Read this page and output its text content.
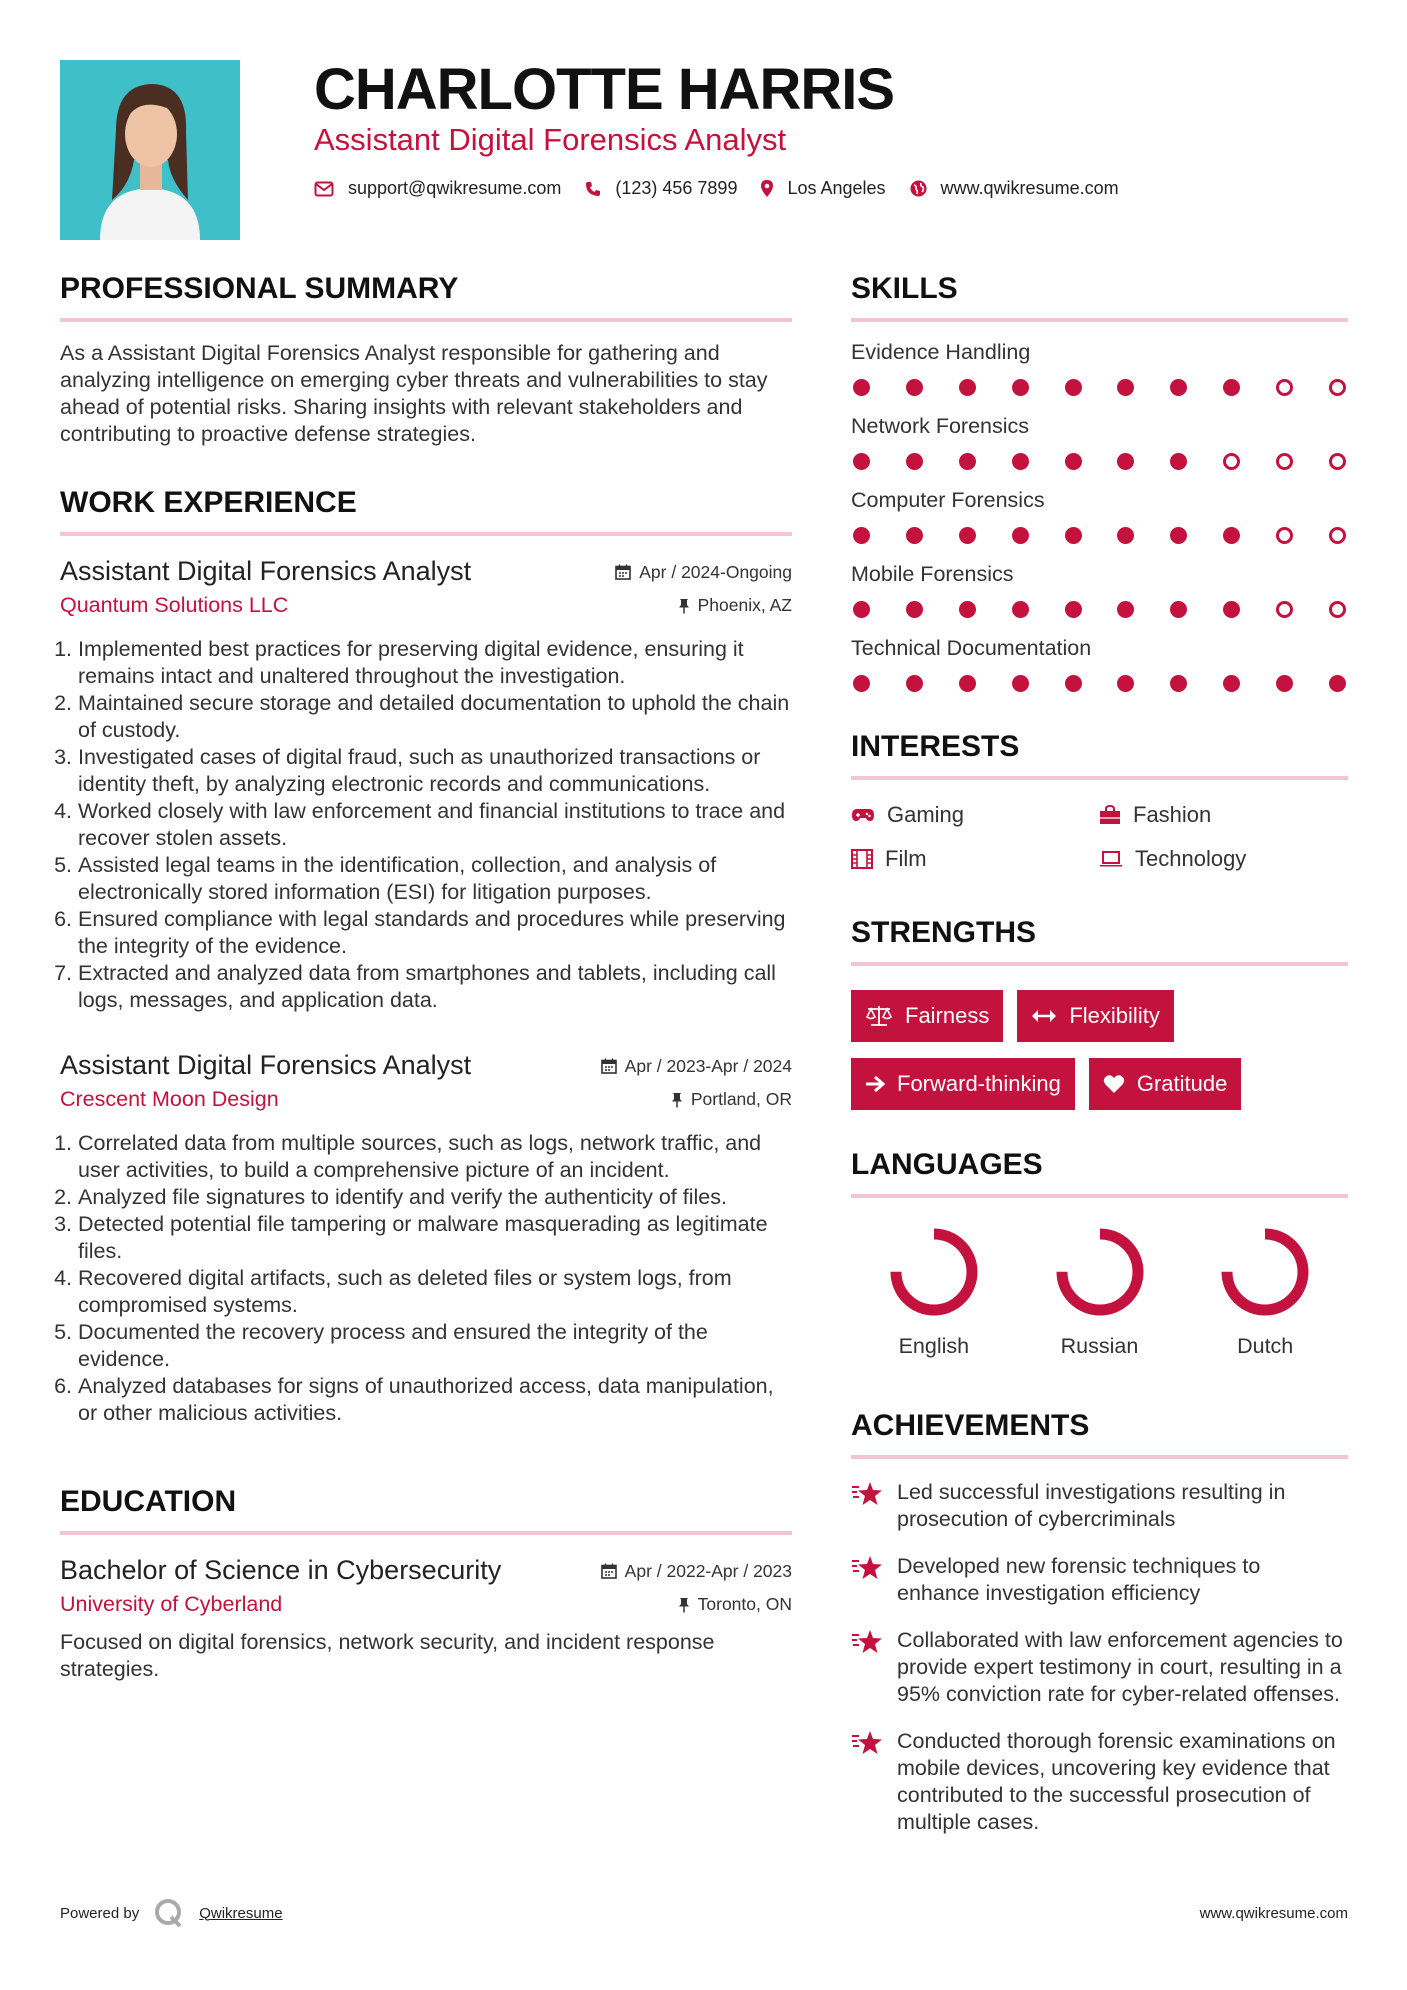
CHARLOTTE HARRIS
Assistant Digital Forensics Analyst
support@qwikresume.com	(123) 456 7899	Los Angeles	www.qwikresume.com
PROFESSIONAL SUMMARY
As a Assistant Digital Forensics Analyst responsible for gathering and analyzing intelligence on emerging cyber threats and vulnerabilities to stay ahead of potential risks. Sharing insights with relevant stakeholders and contributing to proactive defense strategies.
WORK EXPERIENCE
Assistant Digital Forensics Analyst	Apr / 2024-Ongoing
Quantum Solutions LLC	Phoenix, AZ
1. Implemented best practices for preserving digital evidence, ensuring it remains intact and unaltered throughout the investigation.
2. Maintained secure storage and detailed documentation to uphold the chain of custody.
3. Investigated cases of digital fraud, such as unauthorized transactions or identity theft, by analyzing electronic records and communications.
4. Worked closely with law enforcement and financial institutions to trace and recover stolen assets.
5. Assisted legal teams in the identification, collection, and analysis of electronically stored information (ESI) for litigation purposes.
6. Ensured compliance with legal standards and procedures while preserving the integrity of the evidence.
7. Extracted and analyzed data from smartphones and tablets, including call logs, messages, and application data.
Assistant Digital Forensics Analyst	Apr / 2023-Apr / 2024
Crescent Moon Design	Portland, OR
1. Correlated data from multiple sources, such as logs, network traffic, and user activities, to build a comprehensive picture of an incident.
2. Analyzed file signatures to identify and verify the authenticity of files.
3. Detected potential file tampering or malware masquerading as legitimate files.
4. Recovered digital artifacts, such as deleted files or system logs, from compromised systems.
5. Documented the recovery process and ensured the integrity of the evidence.
6. Analyzed databases for signs of unauthorized access, data manipulation, or other malicious activities.
EDUCATION
Bachelor of Science in Cybersecurity	Apr / 2022-Apr / 2023
University of Cyberland	Toronto, ON
Focused on digital forensics, network security, and incident response strategies.
SKILLS
Evidence Handling
Network Forensics
Computer Forensics
Mobile Forensics
Technical Documentation
INTERESTS
Gaming	Fashion
Film	Technology
STRENGTHS
Fairness	Flexibility
Forward-thinking	Gratitude
LANGUAGES
English	Russian	Dutch
ACHIEVEMENTS
Led successful investigations resulting in prosecution of cybercriminals
Developed new forensic techniques to enhance investigation efficiency
Collaborated with law enforcement agencies to provide expert testimony in court, resulting in a 95% conviction rate for cyber-related offenses.
Conducted thorough forensic examinations on mobile devices, uncovering key evidence that contributed to the successful prosecution of multiple cases.
Powered by	Qwikresume	www.qwikresume.com
